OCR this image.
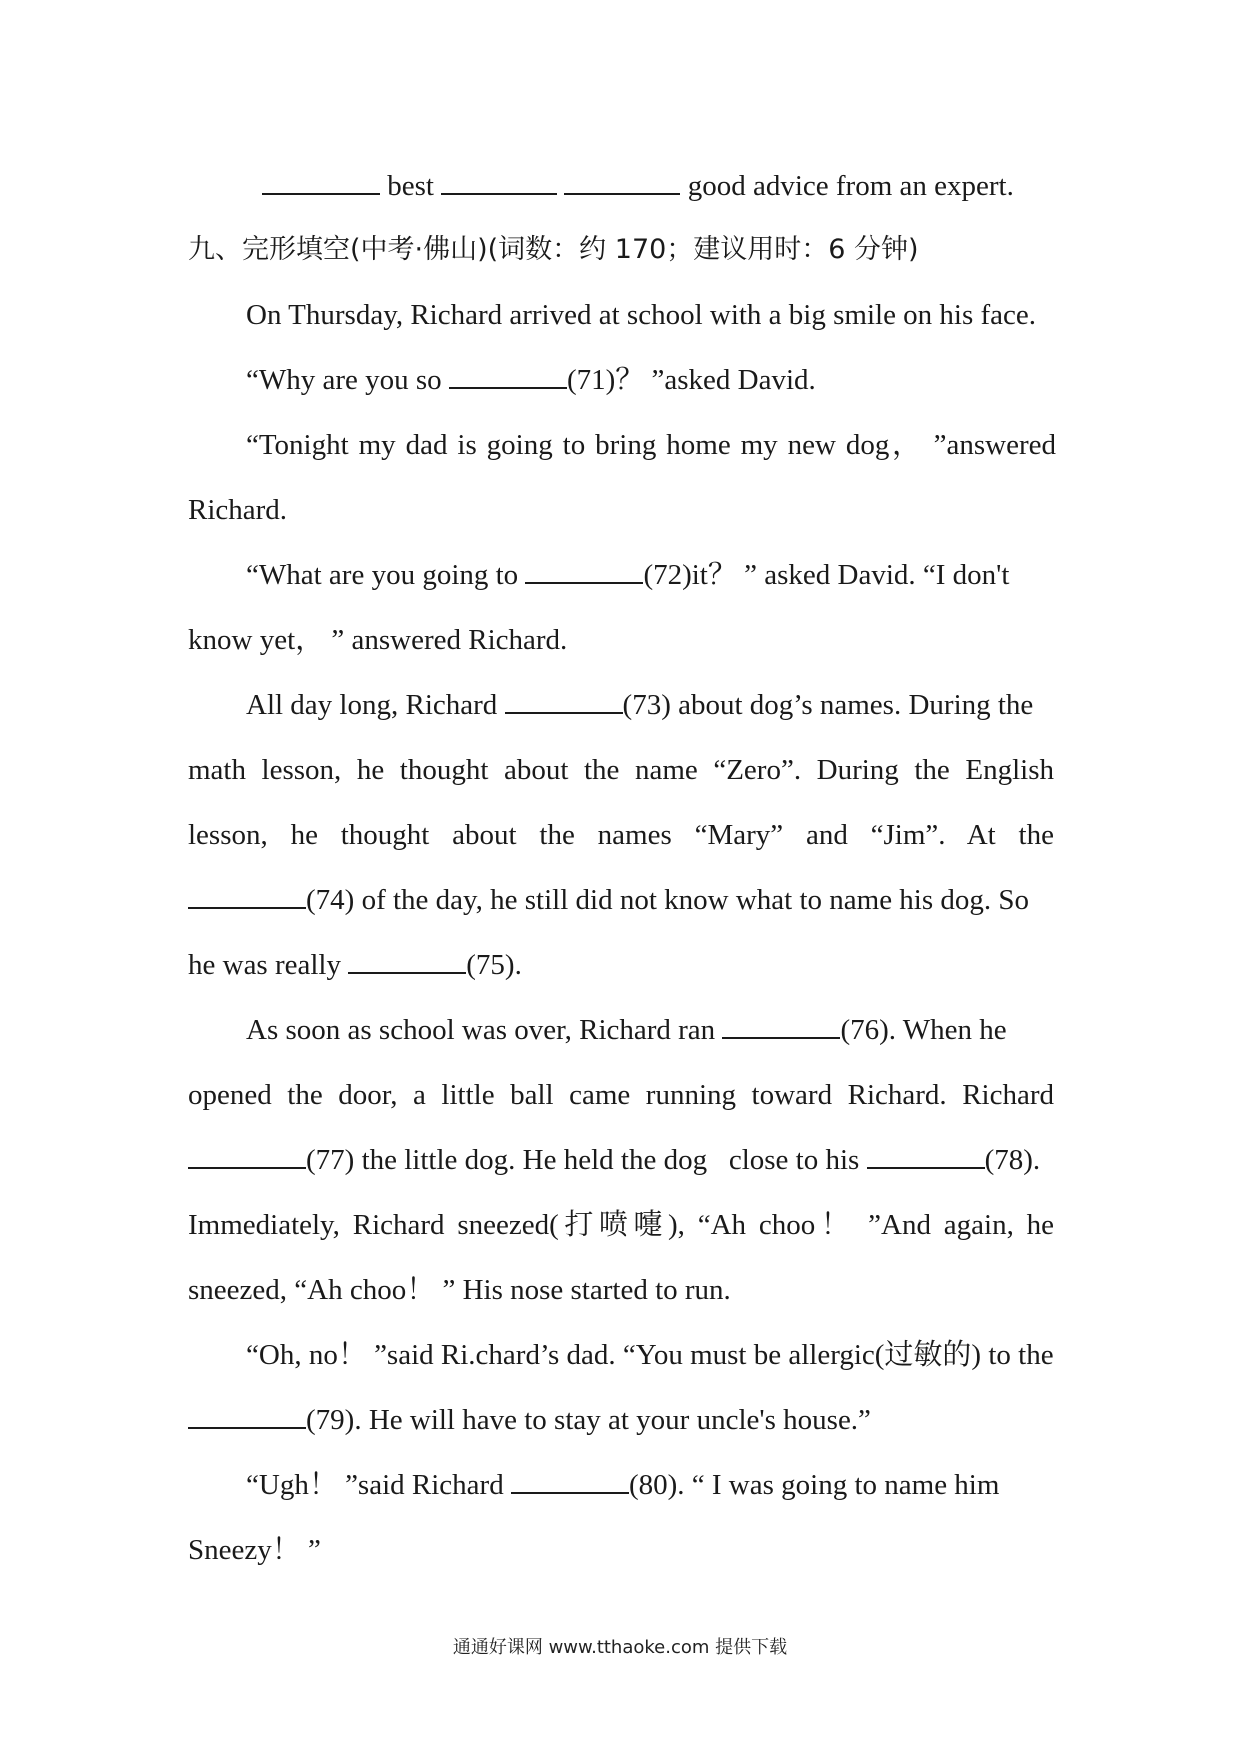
best	good advice from an expert.
九、完形填空(中考·佛山)(词数：约 170；建议用时：6 分钟)
On Thursday, Richard arrived at school with a big smile on his face.
“Why are you so	(71)？ ”asked David.
“Tonight my dad is going to bring home my new dog， ”answered
Richard.
“What are you going to	(72)it？ ” asked David. “I don't
know yet， ” answered Richard.
All day long, Richard	(73) about dog’s names. During the
math lesson, he thought about the name “Zero”. During the English
lesson, he thought about the names “Mary” and “Jim”. At the
(74) of the day, he still did not know what to name his dog. So
he was really	(75).
As soon as school was over, Richard ran	(76). When he
opened the door, a little ball came running toward Richard. Richard
(77) the little dog. He held the dog   close to his	(78).
Immediately, Richard sneezed(打喷嚏), “Ah choo！ ”And again, he
sneezed, “Ah choo！ ” His nose started to run.
“Oh, no！ ”said Ri.chard’s dad. “You must be allergic(过敏的) to the
(79). He will have to stay at your uncle's house.”
“Ugh！ ”said Richard	(80). “ I was going to name him
Sneezy！ ”
通通好课网 www.tthaoke.com 提供下载
